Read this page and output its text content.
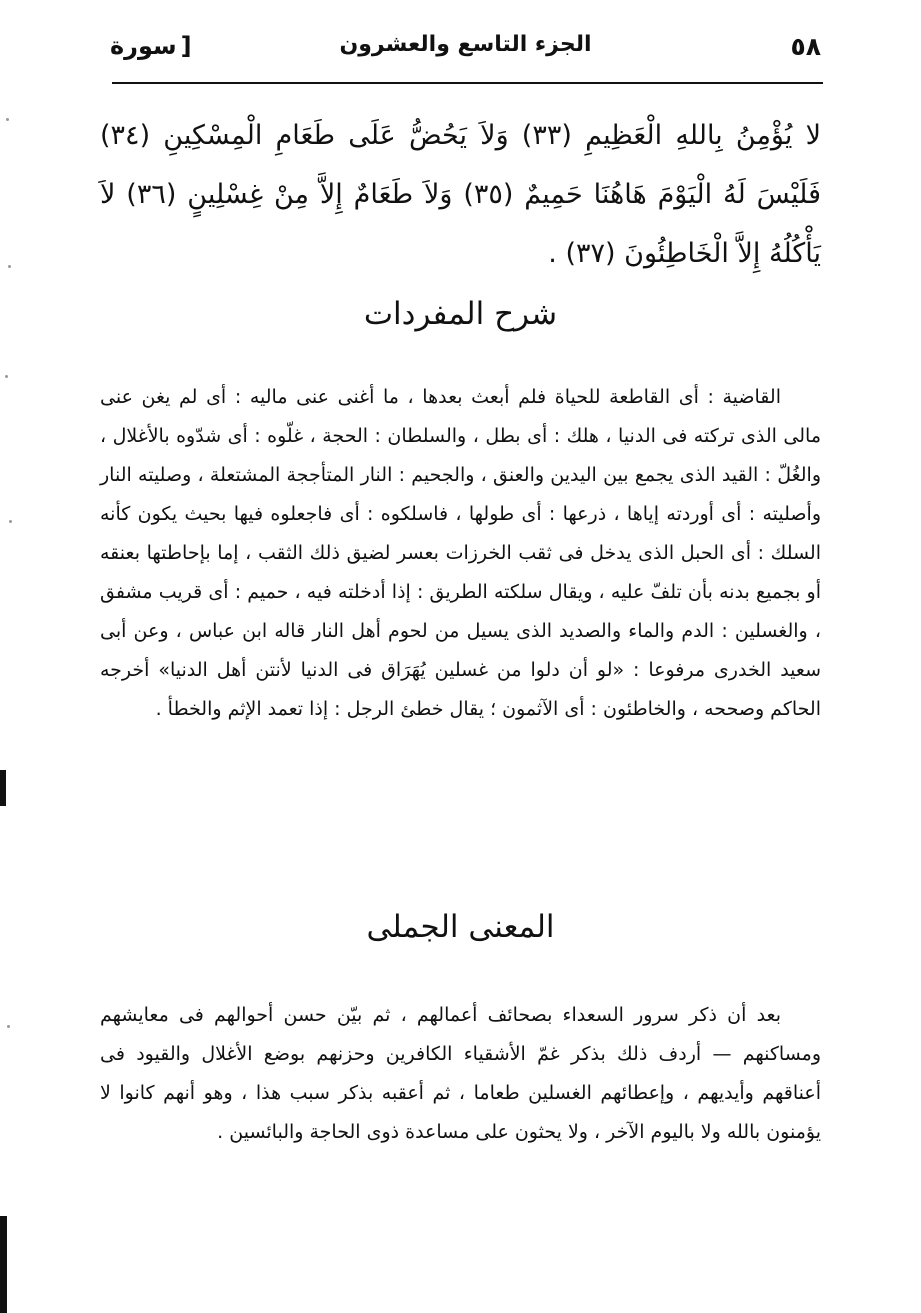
٥٨
الجزء التاسع والعشرون
[سورة
لا يُؤْمِنُ بِاللهِ الْعَظِيمِ (٣٣) وَلاَ يَحُضُّ عَلَى طَعَامِ الْمِسْكِينِ (٣٤) فَلَيْسَ لَهُ الْيَوْمَ هَاهُنَا حَمِيمٌ (٣٥) وَلاَ طَعَامٌ إِلاَّ مِنْ غِسْلِينٍ (٣٦) لاَ يَأْكُلُهُ إِلاَّ الْخَاطِئُونَ (٣٧) .
شرح المفردات

القاضية : أى القاطعة للحياة فلم أبعث بعدها ، ما أغنى عنى ماليه : أى لم يغن عنى مالى الذى تركته فى الدنيا ، هلك : أى بطل ، والسلطان : الحجة ، غلّوه : أى شدّوه بالأغلال ، والغُلّ : القيد الذى يجمع بين اليدين والعنق ، والجحيم : النار المتأججة المشتعلة ، وصليته النار وأصليته : أى أوردته إياها ، ذرعها : أى طولها ، فاسلكوه : أى فاجعلوه فيها بحيث يكون كأنه السلك : أى الحبل الذى يدخل فى ثقب الخرزات بعسر لضيق ذلك الثقب ، إما بإحاطتها بعنقه أو بجميع بدنه بأن تلفّ عليه ، ويقال سلكته الطريق : إذا أدخلته فيه ، حميم : أى قريب مشفق ، والغسلين : الدم والماء والصديد الذى يسيل من لحوم أهل النار قاله ابن عباس ، وعن أبى سعيد الخدرى مرفوعا : «لو أن دلوا من غسلين يُهَرَاق فى الدنيا لأنتن أهل الدنيا» أخرجه الحاكم وصححه ، والخاطئون : أى الآثمون ؛ يقال خطئ الرجل : إذا تعمد الإثم والخطأ .

المعنى الجملى

بعد أن ذكر سرور السعداء بصحائف أعمالهم ، ثم بيّن حسن أحوالهم فى معايشهم ومساكنهم — أردف ذلك بذكر غمّ الأشقياء الكافرين وحزنهم بوضع الأغلال والقيود فى أعناقهم وأيديهم ، وإعطائهم الغسلين طعاما ، ثم أعقبه بذكر سبب هذا ، وهو أنهم كانوا لا يؤمنون بالله ولا باليوم الآخر ، ولا يحثون على مساعدة ذوى الحاجة والبائسين .
